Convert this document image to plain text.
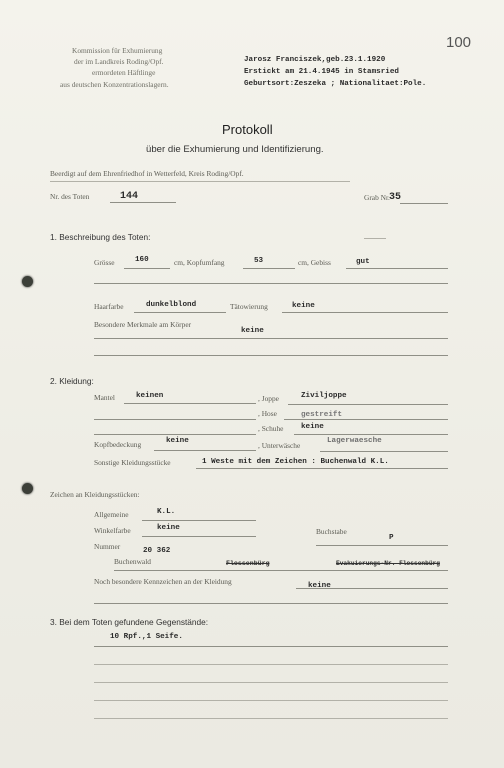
100
Kommission für Exhumierung
der im Landkreis Roding/Opf.
ermordeten Häftlinge
aus deutschen Konzentrationslagern.
Jarosz Franciszek,geb.23.1.1920
Erstickt am 21.4.1945 in Stamsried
Geburtsort:Zeszeka ; Nationalitaet:Pole.
Protokoll
über die Exhumierung und Identifizierung.
Beerdigt auf dem Ehrenfriedhof in Wetterfeld, Kreis Roding/Opf.
Nr. des Toten	144	Grab Nr. 35
1. Beschreibung des Toten:
Grösse	160	cm, Kopfumfang	53	cm, Gebiss	gut
Haarfarbe	dunkelblond	Tätowierung	keine
Besondere Merkmale am Körper
keine
2. Kleidung:
Mantel	keinen	, Joppe	Ziviljoppe
, Hose	gestreift
, Schuhe keine
Kopfbedeckung	keine	, Unterwäsche	Lagerwaesche
Sonstige Kleidungsstücke	1 Weste mit dem Zeichen : Buchenwald K.L.
Zeichen an Kleidungsstücken:
Allgemeine	K.L.
Winkelfarbe	keine	Buchstabe
P
Nummer	20 362
Buchenwald	Flossenbürg	Evakuierungs-Nr. Flossenbürg
Noch besondere Kennzeichen an der Kleidung	keine
3. Bei dem Toten gefundene Gegenstände:
10 Rpf.,1 Seife.
